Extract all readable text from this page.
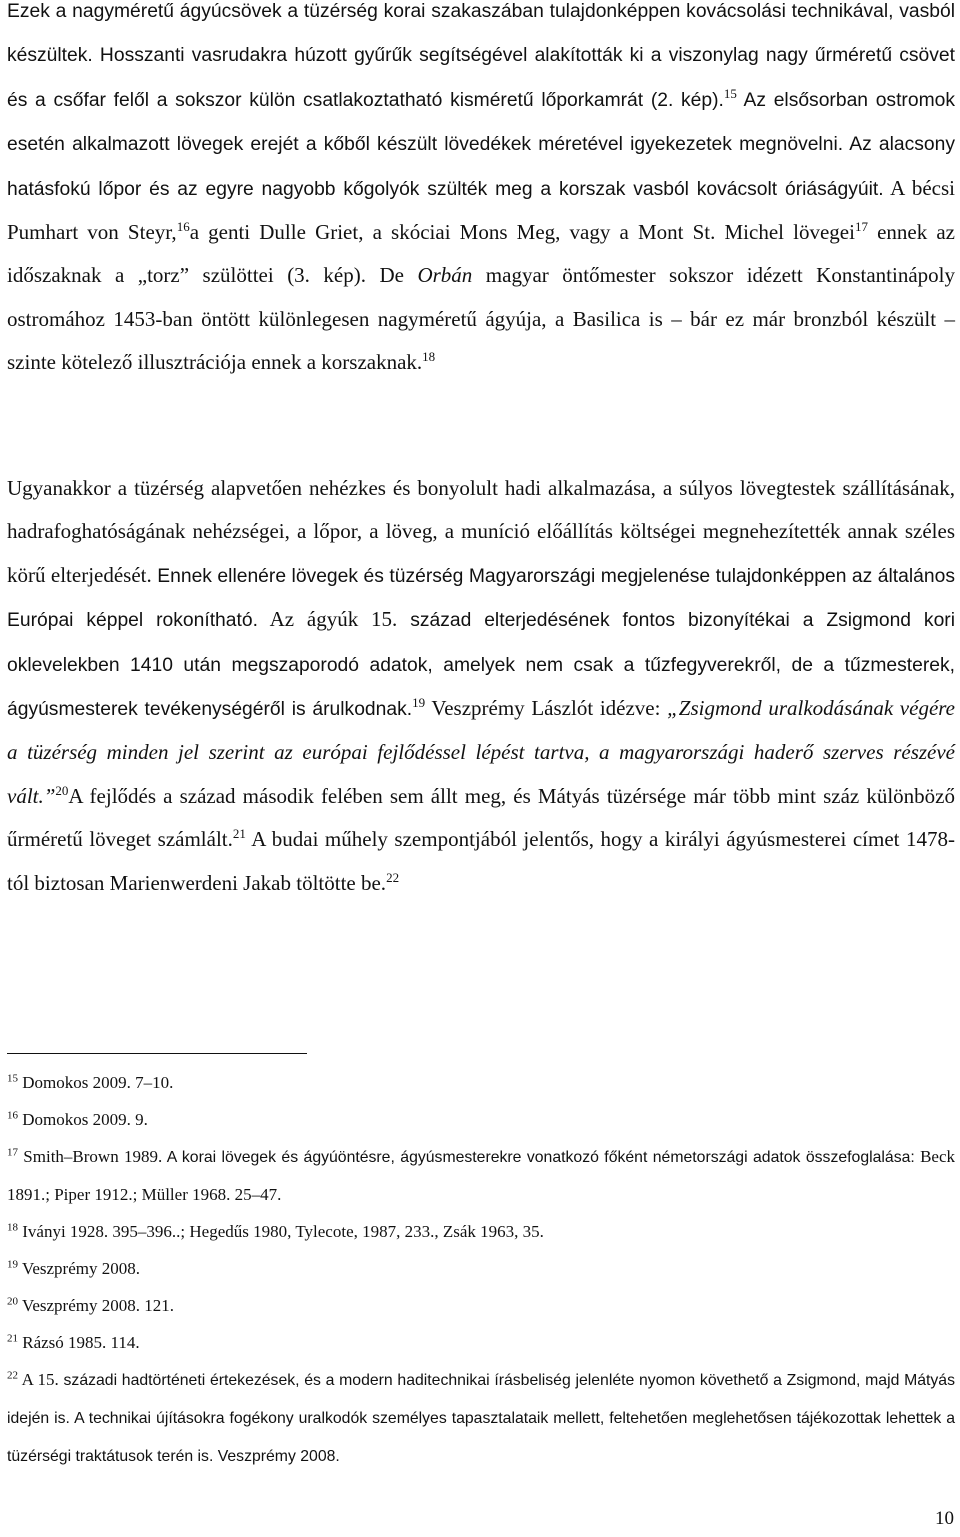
Ezek a nagyméretű ágyúcsövek a tüzérség korai szakaszában tulajdonképpen kovácsolási technikával, vasból készültek. Hosszanti vasrudakra húzott gyűrűk segítségével alakították ki a viszonylag nagy űrméretű csövet és a csőfar felől a sokszor külön csatlakoztatható kisméretű lőporkamrát (2. kép).$^{15}$ Az elsősorban ostromok esetén alkalmazott lövegek erejét a kőből készült lövedékek méretével igyekezetek megnövelni. Az alacsony hatásfokú lőpor és az egyre nagyobb kőgolyók szülték meg a korszak vasból kovácsolt óriáságyúit. A bécsi Pumhart von Steyr,$^{16}$a genti Dulle Griet, a skóciai Mons Meg, vagy a Mont St. Michel lövegei$^{17}$ ennek az időszaknak a „torz” szülöttei (3. kép). De Orbán magyar öntőmester sokszor idézett Konstantinápoly ostromához 1453-ban öntött különlegesen nagyméretű ágyúja, a Basilica is – bár ez már bronzból készült – szinte kötelező illusztrációja ennek a korszaknak.$^{18}$

Ugyanakkor a tüzérség alapvetően nehézkes és bonyolult hadi alkalmazása, a súlyos lövegtestek szállításának, hadrafoghatóságának nehézségei, a lőpor, a löveg, a muníció előállítás költségei megnehezítették annak széles körű elterjedését. Ennek ellenére lövegek és tüzérség Magyarországi megjelenése tulajdonképpen az általános Európai képpel rokonítható. Az ágyúk 15. század elterjedésének fontos bizonyítékai a Zsigmond kori oklevelekben 1410 után megszaporodó adatok, amelyek nem csak a tűzfegyverekről, de a tűzmesterek, ágyúsmesterek tevékenységéről is árulkodnak.$^{19}$ Veszprémy Lászlót idézve: „Zsigmond uralkodásának végére a tüzérség minden jel szerint az európai fejlődéssel lépést tartva, a magyarországi haderő szerves részévé vált.”$^{20}$A fejlődés a század második felében sem állt meg, és Mátyás tüzérsége már több mint száz különböző űrméretű löveget számlált.$^{21}$ A budai műhely szempontjából jelentős, hogy a királyi ágyúsmesterei címet 1478-tól biztosan Marienwerdeni Jakab töltötte be.$^{22}$

$^{15}$ Domokos 2009. 7–10.

$^{16}$ Domokos 2009. 9.

$^{17}$ Smith–Brown 1989. A korai lövegek és ágyúöntésre, ágyúsmesterekre vonatkozó főként németországi adatok összefoglalása: Beck 1891.; Piper 1912.; Müller 1968. 25–47.

$^{18}$ Iványi 1928. 395–396..; Hegedűs 1980, Tylecote, 1987, 233., Zsák 1963, 35.

$^{19}$ Veszprémy 2008.

$^{20}$ Veszprémy 2008. 121.

$^{21}$ Rázsó 1985. 114.

$^{22}$ A 15. századi hadtörténeti értekezések, és a modern haditechnikai írásbeliség jelenléte nyomon követhető a Zsigmond, majd Mátyás idején is. A technikai újításokra fogékony uralkodók személyes tapasztalataik mellett, feltehetően meglehetősen tájékozottak lehettek a tüzérségi traktátusok terén is. Veszprémy 2008.

10
